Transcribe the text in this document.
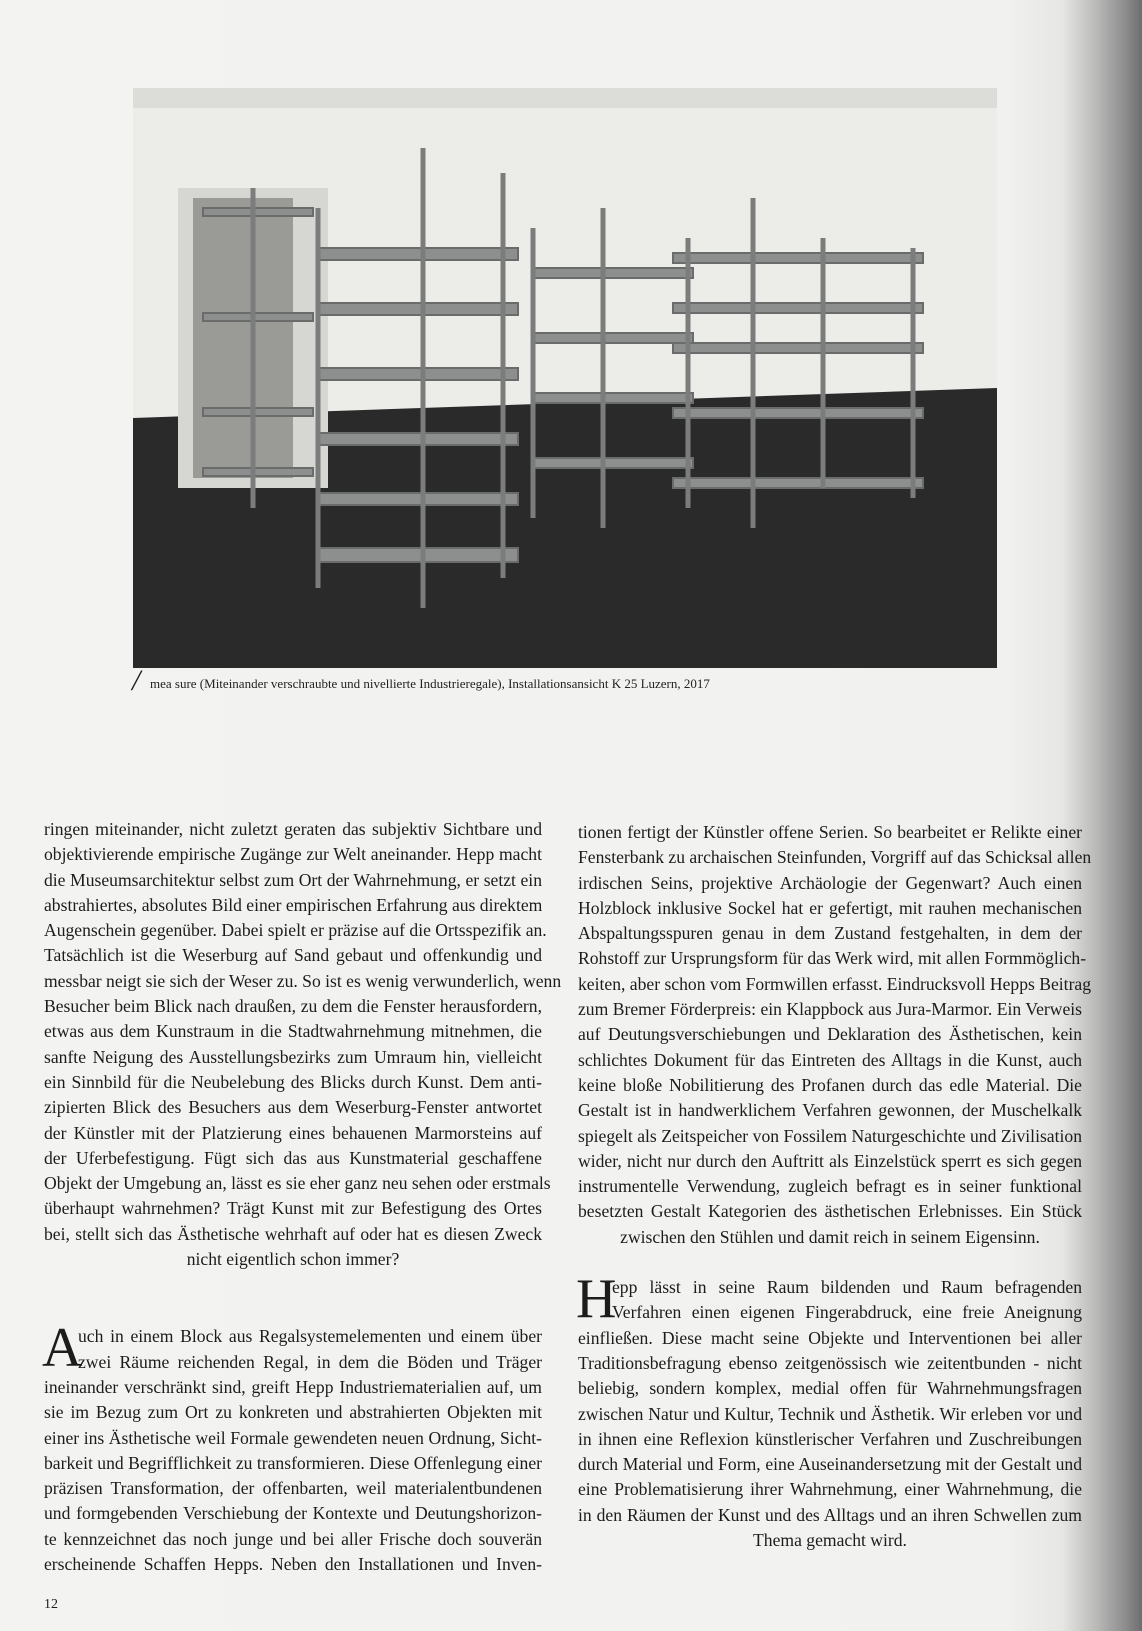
/ mea sure (Miteinander verschraubte und nivellierte Industrieregale), Installationsansicht K 25 Luzern, 2017
ringen miteinander, nicht zuletzt geraten das subjektiv Sichtbare und
objektivierende empirische Zugänge zur Welt aneinander. Hepp macht
die Museumsarchitektur selbst zum Ort der Wahrnehmung, er setzt ein
abstrahiertes, absolutes Bild einer empirischen Erfahrung aus direktem
Augenschein gegenüber. Dabei spielt er präzise auf die Ortsspezifik an.
Tatsächlich ist die Weserburg auf Sand gebaut und offenkundig und
messbar neigt sie sich der Weser zu. So ist es wenig verwunderlich, wenn
Besucher beim Blick nach draußen, zu dem die Fenster herausfordern,
etwas aus dem Kunstraum in die Stadtwahrnehmung mitnehmen, die
sanfte Neigung des Ausstellungsbezirks zum Umraum hin, vielleicht
ein Sinnbild für die Neubelebung des Blicks durch Kunst. Dem anti-
zipierten Blick des Besuchers aus dem Weserburg-Fenster antwortet
der Künstler mit der Platzierung eines behauenen Marmorsteins auf
der Uferbefestigung. Fügt sich das aus Kunstmaterial geschaffene
Objekt der Umgebung an, lässt es sie eher ganz neu sehen oder erstmals
überhaupt wahrnehmen? Trägt Kunst mit zur Befestigung des Ortes
bei, stellt sich das Ästhetische wehrhaft auf oder hat es diesen Zweck
nicht eigentlich schon immer?
A
uch in einem Block aus Regalsystemelementen und einem über
zwei Räume reichenden Regal, in dem die Böden und Träger
ineinander verschränkt sind, greift Hepp Industriematerialien auf, um
sie im Bezug zum Ort zu konkreten und abstrahierten Objekten mit
einer ins Ästhetische weil Formale gewendeten neuen Ordnung, Sicht-
barkeit und Begrifflichkeit zu transformieren. Diese Offenlegung einer
präzisen Transformation, der offenbarten, weil materialentbundenen
und formgebenden Verschiebung der Kontexte und Deutungshorizon-
te kennzeichnet das noch junge und bei aller Frische doch souverän
erscheinende Schaffen Hepps. Neben den Installationen und Inven-
tionen fertigt der Künstler offene Serien. So bearbeitet er Relikte einer
Fensterbank zu archaischen Steinfunden, Vorgriff auf das Schicksal allen
irdischen Seins, projektive Archäologie der Gegenwart? Auch einen
Holzblock inklusive Sockel hat er gefertigt, mit rauhen mechanischen
Abspaltungsspuren genau in dem Zustand festgehalten, in dem der
Rohstoff zur Ursprungsform für das Werk wird, mit allen Formmöglich-
keiten, aber schon vom Formwillen erfasst. Eindrucksvoll Hepps Beitrag
zum Bremer Förderpreis: ein Klappbock aus Jura-Marmor. Ein Verweis
auf Deutungsverschiebungen und Deklaration des Ästhetischen, kein
schlichtes Dokument für das Eintreten des Alltags in die Kunst, auch
keine bloße Nobilitierung des Profanen durch das edle Material. Die
Gestalt ist in handwerklichem Verfahren gewonnen, der Muschelkalk
spiegelt als Zeitspeicher von Fossilem Naturgeschichte und Zivilisation
wider, nicht nur durch den Auftritt als Einzelstück sperrt es sich gegen
instrumentelle Verwendung, zugleich befragt es in seiner funktional
besetzten Gestalt Kategorien des ästhetischen Erlebnisses. Ein Stück
zwischen den Stühlen und damit reich in seinem Eigensinn.
H
epp lässt in seine Raum bildenden und Raum befragenden
Verfahren einen eigenen Fingerabdruck, eine freie Aneignung
einfließen. Diese macht seine Objekte und Interventionen bei aller
Traditionsbefragung ebenso zeitgenössisch wie zeitentbunden - nicht
beliebig, sondern komplex, medial offen für Wahrnehmungsfragen
zwischen Natur und Kultur, Technik und Ästhetik. Wir erleben vor und
in ihnen eine Reflexion künstlerischer Verfahren und Zuschreibungen
durch Material und Form, eine Auseinandersetzung mit der Gestalt und
eine Problematisierung ihrer Wahrnehmung, einer Wahrnehmung, die
in den Räumen der Kunst und des Alltags und an ihren Schwellen zum
Thema gemacht wird.
12
